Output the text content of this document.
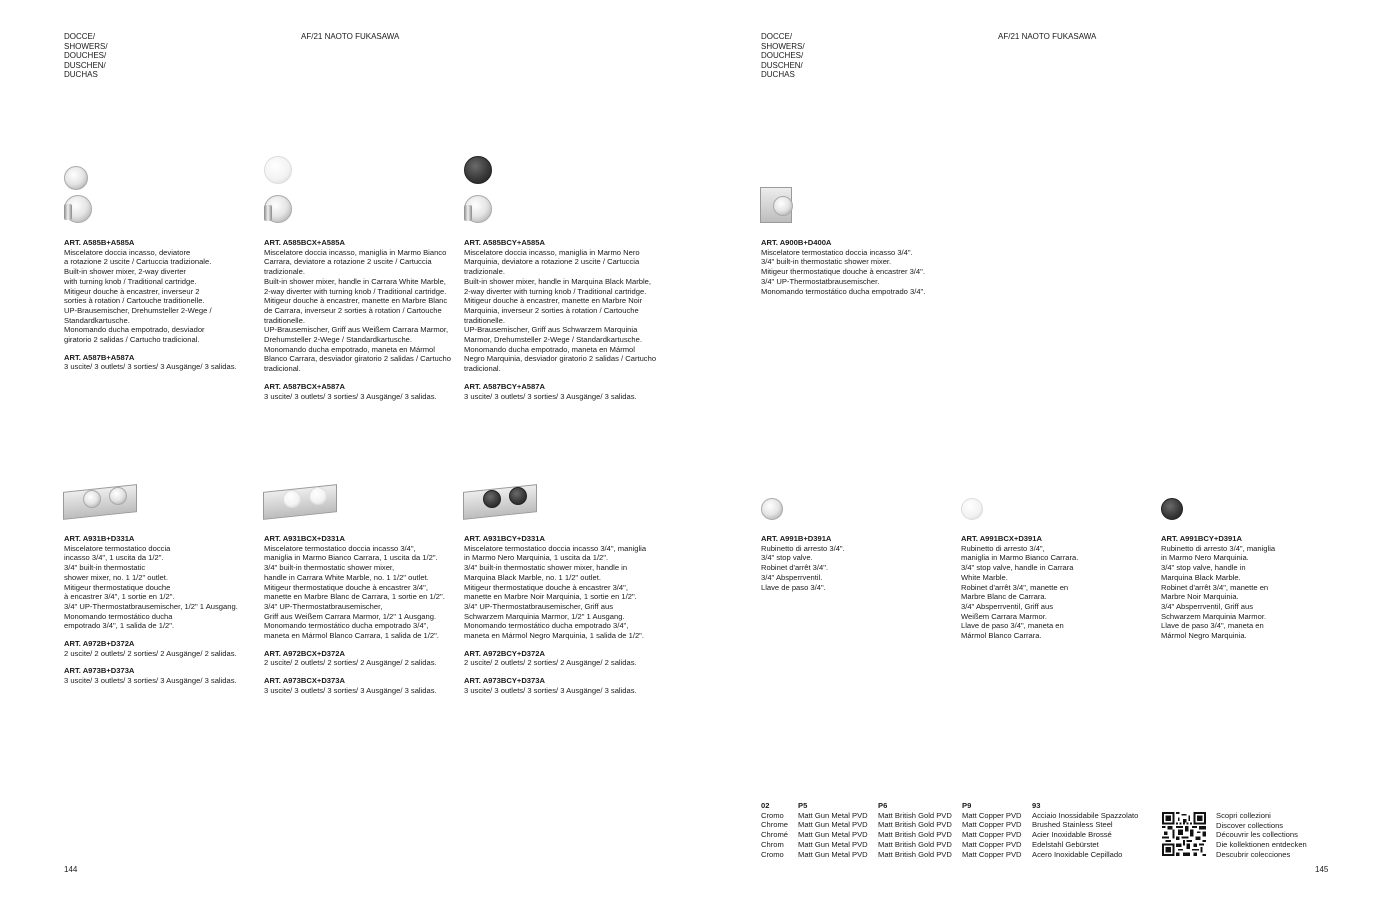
DOCCE/

SHOWERS/

DOUCHES/

DUSCHEN/

DUCHAS

AF/21 NAOTO FUKASAWA
ART. A585B+A585A
Miscelatore doccia incasso, deviatore
a rotazione 2 uscite / Cartuccia tradizionale.
Built-in shower mixer, 2-way diverter
with turning knob / Traditional cartridge.
Mitigeur douche à encastrer, inverseur 2
sorties à rotation / Cartouche traditionelle.
UP-Brausemischer, Drehumsteller 2-Wege /
Standardkartusche.
Monomando ducha empotrado, desviador
giratorio 2 salidas / Cartucho tradicional.
ART. A587B+A587A
3 uscite/ 3 outlets/ 3 sorties/ 3 Ausgänge/ 3 salidas.
ART. A585BCX+A585A
Miscelatore doccia incasso, maniglia in Marmo Bianco
Carrara, deviatore a rotazione 2 uscite / Cartuccia
tradizionale.
Built-in shower mixer, handle in Carrara White Marble,
2-way diverter with turning knob / Traditional cartridge.
Mitigeur douche à encastrer, manette en Marbre Blanc
de Carrara, inverseur 2 sorties à rotation / Cartouche
traditionelle.
UP-Brausemischer, Griff aus Weißem Carrara Marmor,
Drehumsteller 2-Wege / Standardkartusche.
Monomando ducha empotrado, maneta en Mármol
Blanco Carrara, desviador giratorio 2 salidas / Cartucho
tradicional.
ART. A587BCX+A587A
3 uscite/ 3 outlets/ 3 sorties/ 3 Ausgänge/ 3 salidas.
ART. A585BCY+A585A
Miscelatore doccia incasso, maniglia in Marmo Nero
Marquinia, deviatore a rotazione 2 uscite / Cartuccia
tradizionale.
Built-in shower mixer, handle in Marquina Black Marble,
2-way diverter with turning knob / Traditional cartridge.
Mitigeur douche à encastrer, manette en Marbre Noir
Marquinia, inverseur 2 sorties à rotation / Cartouche
traditionelle.
UP-Brausemischer, Griff aus Schwarzem Marquinia
Marmor, Drehumsteller 2-Wege / Standardkartusche.
Monomando ducha empotrado, maneta en Mármol
Negro Marquinia, desviador giratorio 2 salidas / Cartucho
tradicional.
ART. A587BCY+A587A
3 uscite/ 3 outlets/ 3 sorties/ 3 Ausgänge/ 3 salidas.
ART. A931B+D331A
Miscelatore termostatico doccia
incasso 3/4", 1 uscita da 1/2".
3/4" built-in thermostatic
shower mixer, no. 1 1/2" outlet.
Mitigeur thermostatique douche
à encastrer 3/4", 1 sortie en 1/2".
3/4" UP-Thermostatbrausemischer, 1/2" 1 Ausgang.
Monomando termostático ducha
empotrado 3/4", 1 salida de 1/2".
ART. A972B+D372A
2 uscite/ 2 outlets/ 2 sorties/ 2 Ausgänge/ 2 salidas.
ART. A973B+D373A
3 uscite/ 3 outlets/ 3 sorties/ 3 Ausgänge/ 3 salidas.
ART. A931BCX+D331A
Miscelatore termostatico doccia incasso 3/4",
maniglia in Marmo Bianco Carrara, 1 uscita da 1/2".
3/4" built-in thermostatic shower mixer,
handle in Carrara White Marble, no. 1 1/2" outlet.
Mitigeur thermostatique douche à encastrer 3/4",
manette en Marbre Blanc de Carrara, 1 sortie en 1/2".
3/4" UP-Thermostatbrausemischer,
Griff aus Weißem Carrara Marmor, 1/2" 1 Ausgang.
Monomando termostático ducha empotrado 3/4",
maneta en Mármol Blanco Carrara, 1 salida de 1/2".
ART. A972BCX+D372A
2 uscite/ 2 outlets/ 2 sorties/ 2 Ausgänge/ 2 salidas.
ART. A973BCX+D373A
3 uscite/ 3 outlets/ 3 sorties/ 3 Ausgänge/ 3 salidas.
ART. A931BCY+D331A
Miscelatore termostatico doccia incasso 3/4", maniglia
in Marmo Nero Marquinia, 1 uscita da 1/2".
3/4" built-in thermostatic shower mixer, handle in
Marquina Black Marble, no. 1 1/2" outlet.
Mitigeur thermostatique douche à encastrer 3/4",
manette en Marbre Noir Marquinia, 1 sortie en 1/2".
3/4" UP-Thermostatbrausemischer, Griff aus
Schwarzem Marquinia Marmor, 1/2" 1 Ausgang.
Monomando termostático ducha empotrado 3/4",
maneta en Mármol Negro Marquinia, 1 salida de 1/2".
ART. A972BCY+D372A
2 uscite/ 2 outlets/ 2 sorties/ 2 Ausgänge/ 2 salidas.
ART. A973BCY+D373A
3 uscite/ 3 outlets/ 3 sorties/ 3 Ausgänge/ 3 salidas.
144

DOCCE/

SHOWERS/

DOUCHES/

DUSCHEN/

DUCHAS

AF/21 NAOTO FUKASAWA
ART. A900B+D400A
Miscelatore termostatico doccia incasso 3/4".
3/4" built-in thermostatic shower mixer.
Mitigeur thermostatique douche à encastrer 3/4".
3/4" UP-Thermostatbrausemischer.
Monomando termostático ducha empotrado 3/4".
ART. A991B+D391A
Rubinetto di arresto 3/4".
3/4" stop valve.
Robinet d'arrêt 3/4".
3/4" Absperrventil.
Llave de paso 3/4".
ART. A991BCX+D391A
Rubinetto di arresto 3/4",
maniglia in Marmo Bianco Carrara.
3/4" stop valve, handle in Carrara
White Marble.
Robinet d'arrêt 3/4", manette en
Marbre Blanc de Carrara.
3/4" Absperrventil, Griff aus
Weißem Carrara Marmor.
Llave de paso 3/4", maneta en
Mármol Blanco Carrara.
ART. A991BCY+D391A
Rubinetto di arresto 3/4", maniglia
in Marmo Nero Marquinia.
3/4" stop valve, handle in
Marquina Black Marble.
Robinet d'arrêt 3/4", manette en
Marbre Noir Marquinia.
3/4" Absperrventil, Griff aus
Schwarzem Marquinia Marmor.
Llave de paso 3/4", maneta en
Mármol Negro Marquinia.
02
Cromo
Chrome
Chromé
Chrom
Cromo
P5
Matt Gun Metal PVD
Matt Gun Metal PVD
Matt Gun Metal PVD
Matt Gun Metal PVD
Matt Gun Metal PVD
P6
Matt British Gold PVD
Matt British Gold PVD
Matt British Gold PVD
Matt British Gold PVD
Matt British Gold PVD
P9
Matt Copper PVD
Matt Copper PVD
Matt Copper PVD
Matt Copper PVD
Matt Copper PVD
93
Acciaio Inossidabile Spazzolato
Brushed Stainless Steel
Acier Inoxidable Brossé
Edelstahl Gebürstet
Acero Inoxidable Cepillado
Scopri collezioni
Discover collections
Découvrir les collections
Die kollektionen entdecken
Descubrir colecciones
145
